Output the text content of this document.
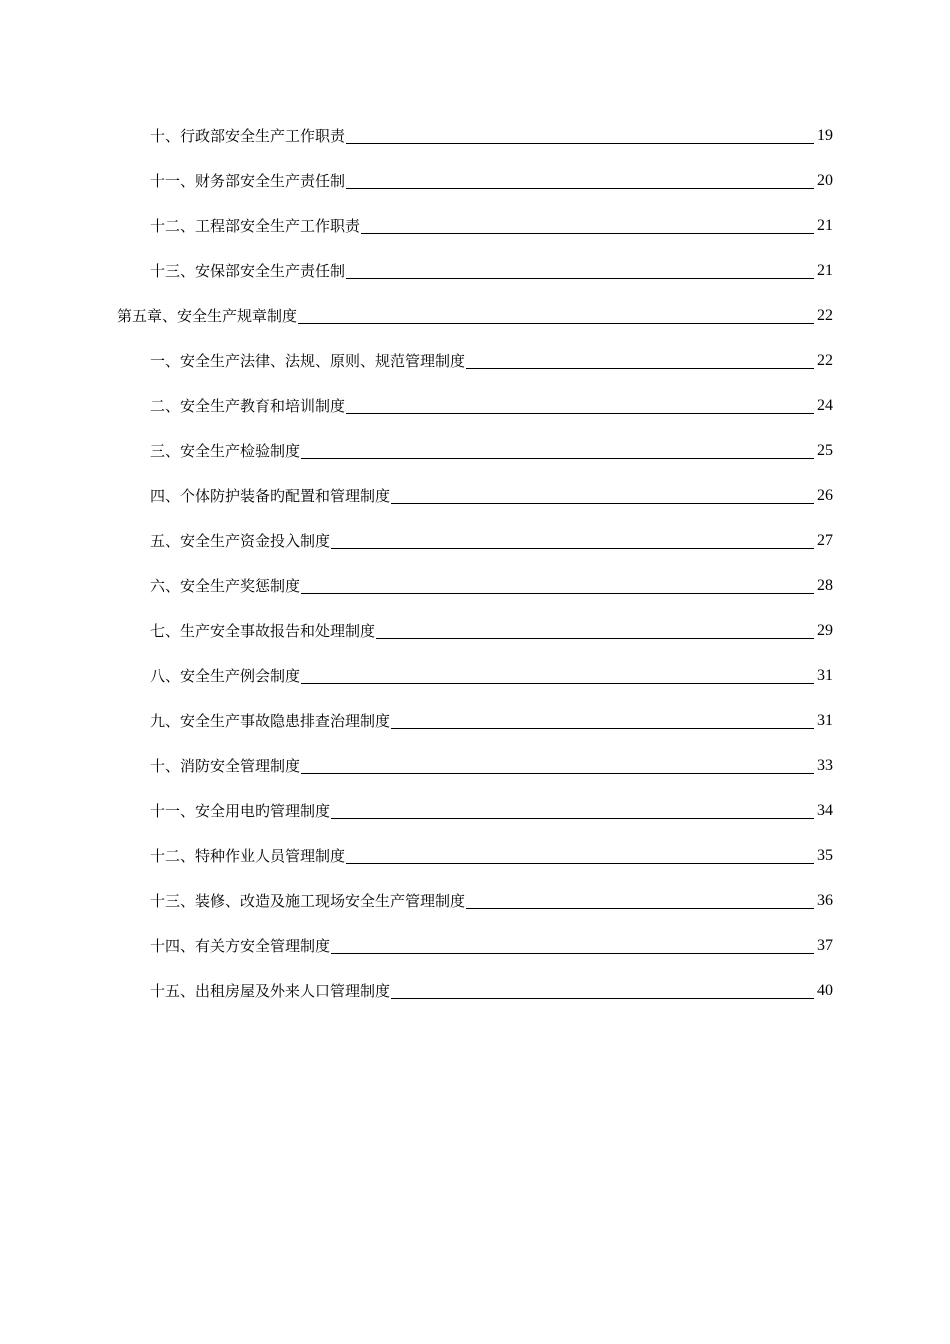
十、行政部安全生产工作职责	19
十一、财务部安全生产责任制	20
十二、工程部安全生产工作职责	21
十三、安保部安全生产责任制	21
第五章、安全生产规章制度	22
一、安全生产法律、法规、原则、规范管理制度	22
二、安全生产教育和培训制度	24
三、安全生产检验制度	25
四、个体防护装备旳配置和管理制度	26
五、安全生产资金投入制度	27
六、安全生产奖惩制度	28
七、生产安全事故报告和处理制度	29
八、安全生产例会制度	31
九、安全生产事故隐患排查治理制度	31
十、消防安全管理制度	33
十一、安全用电旳管理制度	34
十二、特种作业人员管理制度	35
十三、装修、改造及施工现场安全生产管理制度	36
十四、有关方安全管理制度	37
十五、出租房屋及外来人口管理制度	40
